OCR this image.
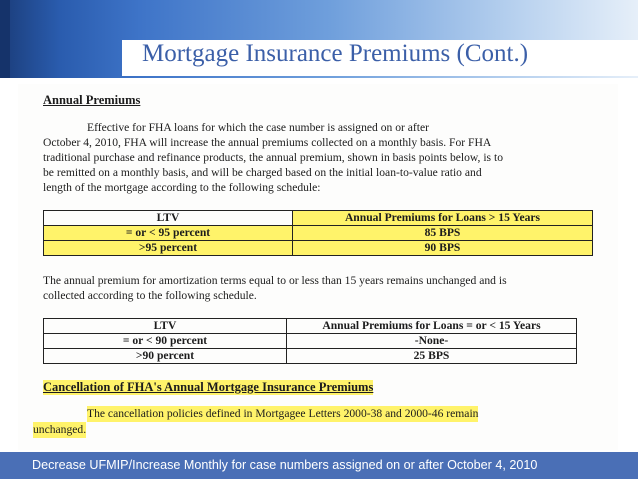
Mortgage Insurance Premiums (Cont.)
Annual Premiums
Effective for FHA loans for which the case number is assigned on or after
October 4, 2010, FHA will increase the annual premiums collected on a monthly basis. For FHA
traditional purchase and refinance products, the annual premium, shown in basis points below, is to
be remitted on a monthly basis, and will be charged based on the initial loan-to-value ratio and
length of the mortgage according to the following schedule:
LTV	Annual Premiums for Loans > 15 Years
= or < 95 percent	85 BPS
>95 percent	90 BPS
The annual premium for amortization terms equal to or less than 15 years remains unchanged and is
collected according to the following schedule.
LTV	Annual Premiums for Loans = or < 15 Years
= or < 90 percent	-None-
>90 percent	25 BPS
Cancellation of FHA's Annual Mortgage Insurance Premiums
The cancellation policies defined in Mortgagee Letters 2000-38 and 2000-46 remain
unchanged.
Decrease UFMIP/Increase Monthly for case numbers assigned on or after October 4, 2010
